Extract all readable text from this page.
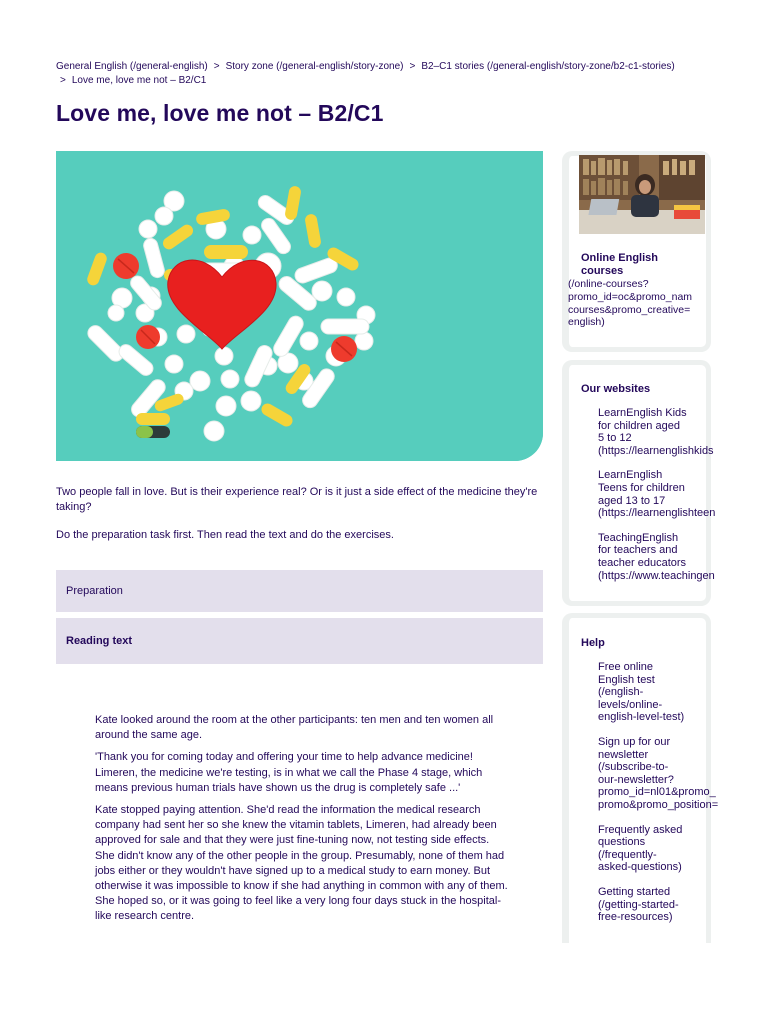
General English (/general-english) > Story zone (/general-english/story-zone) > B2–C1 stories (/general-english/story-zone/b2-c1-stories)
> Love me, love me not – B2/C1
Love me, love me not – B2/C1

Two people fall in love. But is their experience real? Or is it just a side effect of the medicine they're taking?

Do the preparation task first. Then read the text and do the exercises.

Preparation
Reading text

Kate looked around the room at the other participants: ten men and ten women all around the same age.

'Thank you for coming today and offering your time to help advance medicine! Limeren, the medicine we're testing, is in what we call the Phase 4 stage, which means previous human trials have shown us the drug is completely safe ...'

Kate stopped paying attention. She'd read the information the medical research company had sent her so she knew the vitamin tablets, Limeren, had already been approved for sale and that they were just fine-tuning now, not testing side effects. She didn't know any of the other people in the group. Presumably, none of them had jobs either or they wouldn't have signed up to a medical study to earn money. But otherwise it was impossible to know if she had anything in common with any of them. She hoped so, or it was going to feel like a very long four days stuck in the hospital-like research centre.

Online English courses
(/online-courses?
promo_id=oc&promo_nam
courses&promo_creative=
english)
Our websites
LearnEnglish Kids
for children aged
5 to 12
(https://learnenglishkids
LearnEnglish
Teens for children
aged 13 to 17
(https://learnenglishteen
TeachingEnglish
for teachers and
teacher educators
(https://www.teachingen
Help
Free online
English test
(/english-
levels/online-
english-level-test)
Sign up for our
newsletter
(/subscribe-to-
our-newsletter?
promo_id=nl01&promo_
promo&promo_position=
Frequently asked
questions
(/frequently-
asked-questions)
Getting started
(/getting-started-
free-resources)
